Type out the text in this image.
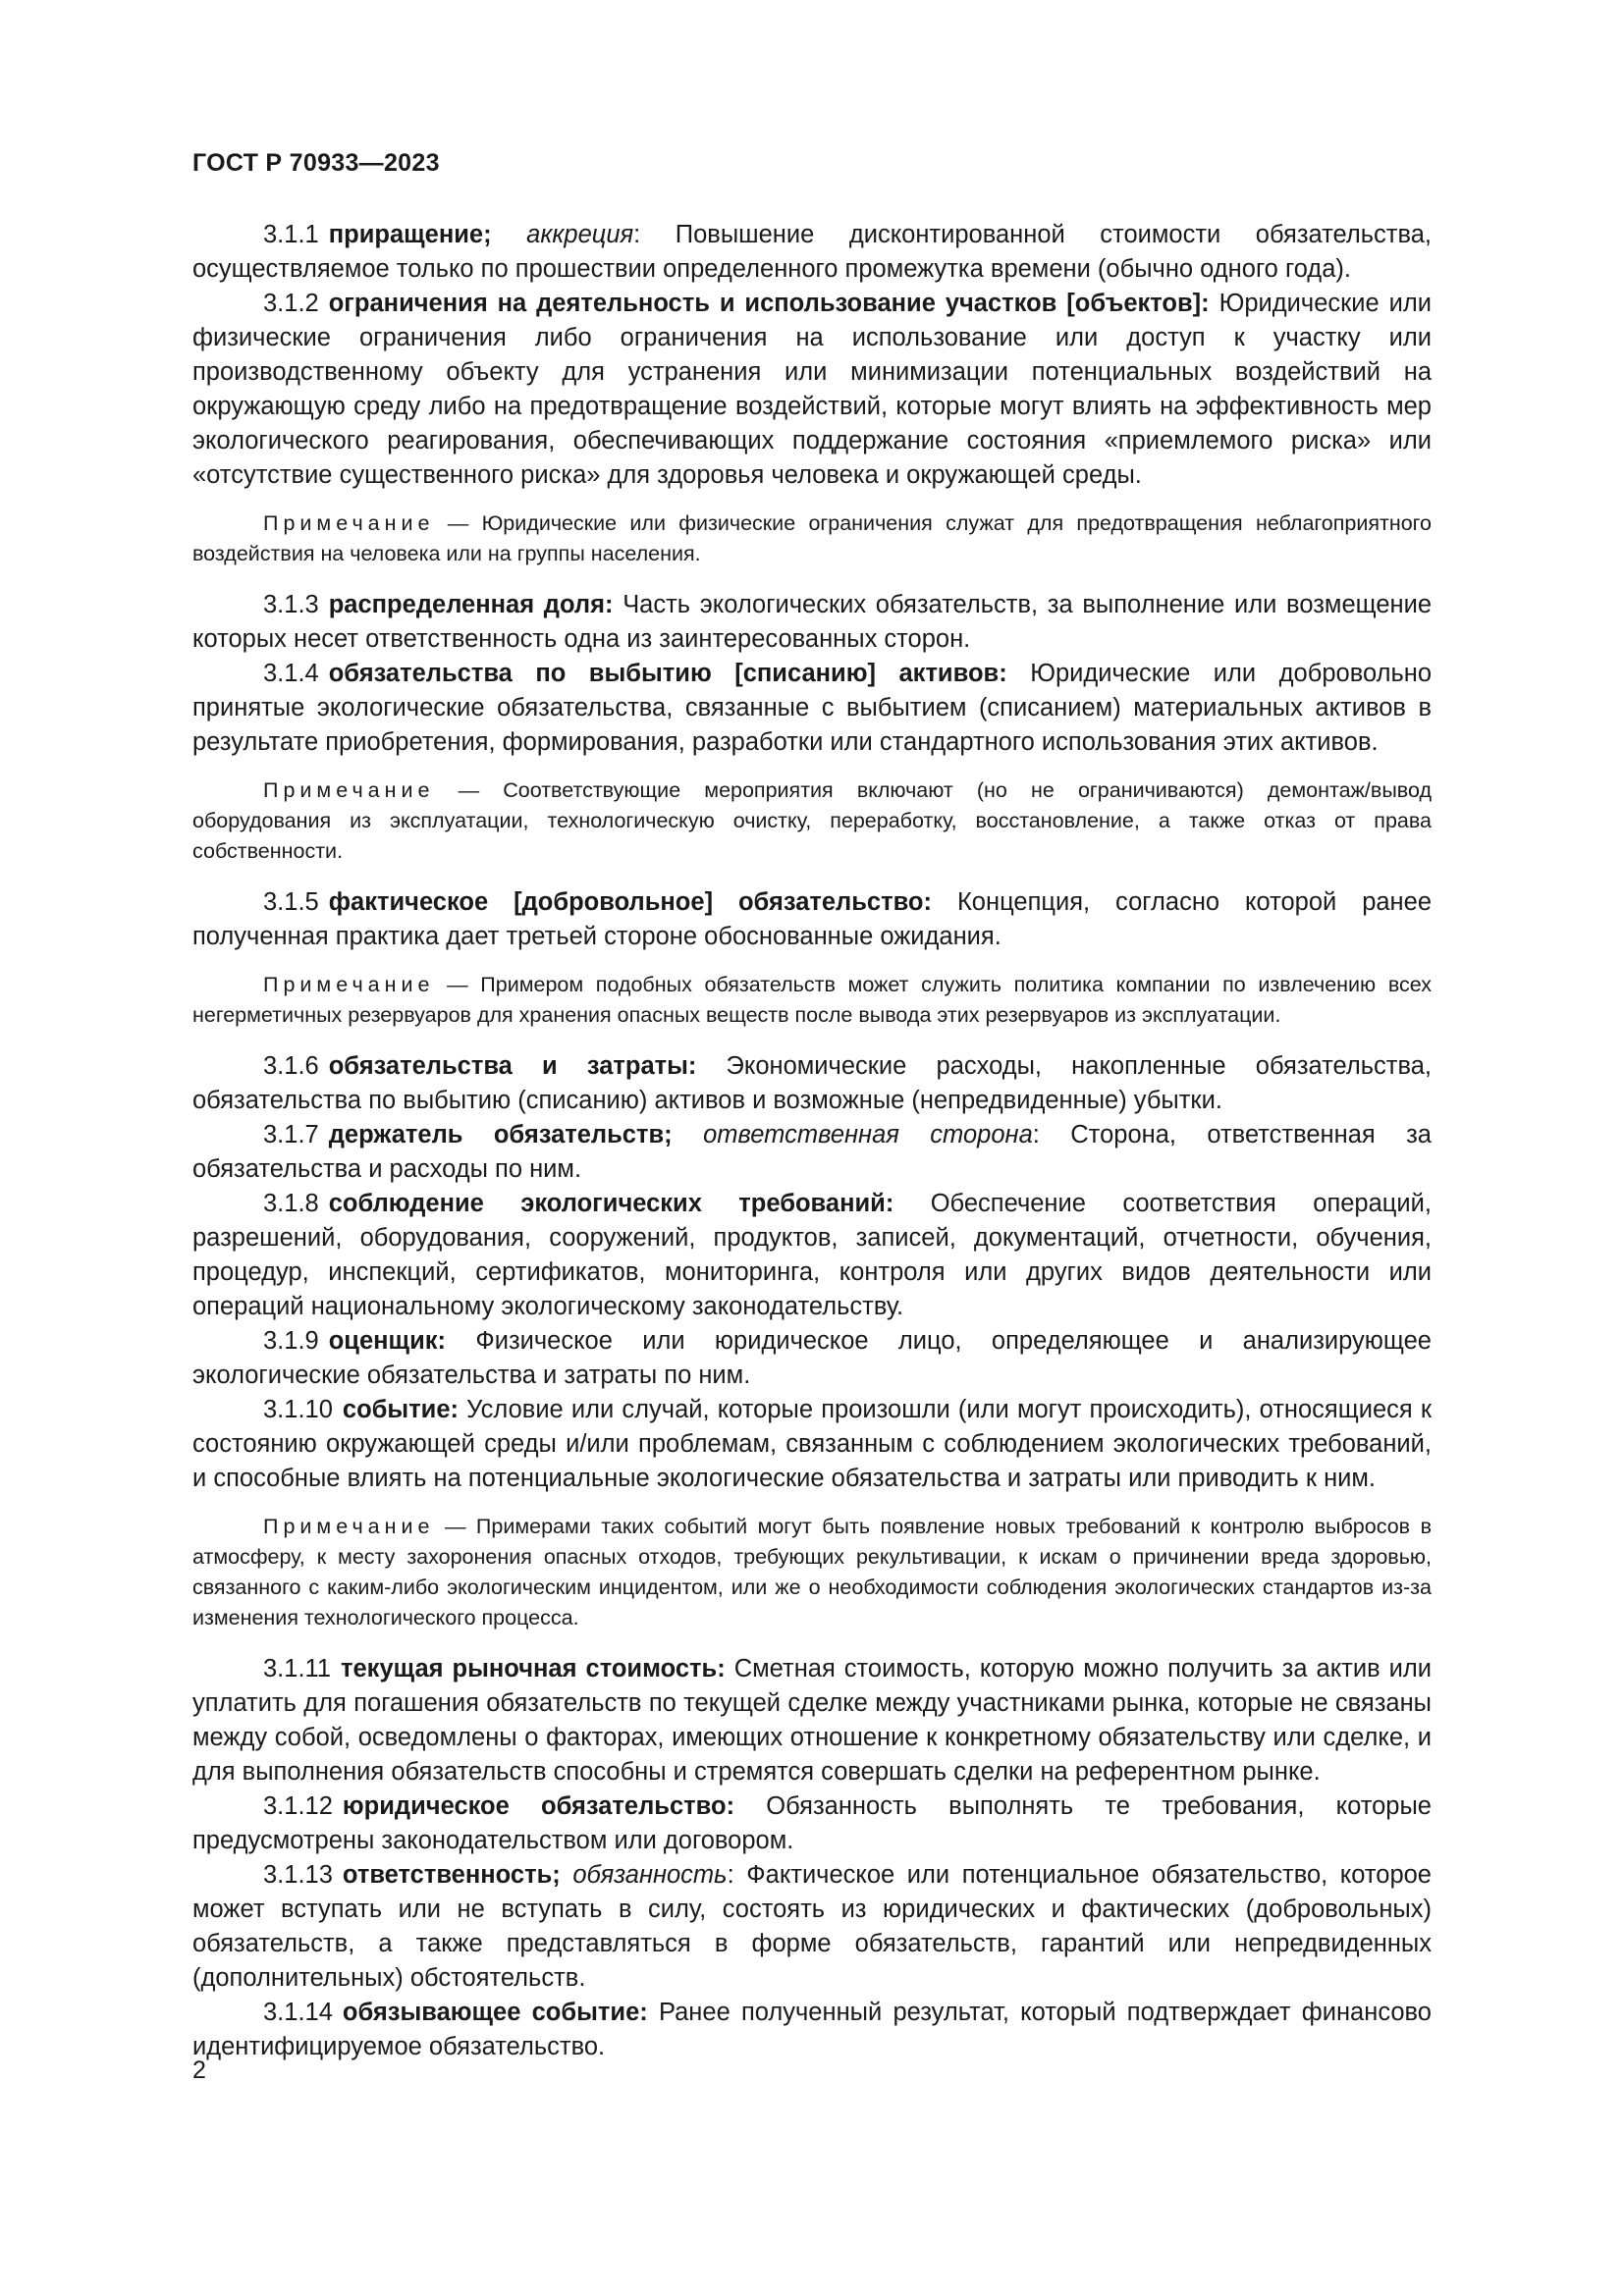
ГОСТ Р 70933—2023

3.1.1 приращение; аккреция: Повышение дисконтированной стоимости обязательства, осуществляемое только по прошествии определенного промежутка времени (обычно одного года).

3.1.2 ограничения на деятельность и использование участков [объектов]: Юридические или физические ограничения либо ограничения на использование или доступ к участку или производственному объекту для устранения или минимизации потенциальных воздействий на окружающую среду либо на предотвращение воздействий, которые могут влиять на эффективность мер экологического реагирования, обеспечивающих поддержание состояния «приемлемого риска» или «отсутствие существенного риска» для здоровья человека и окружающей среды.

Примечание — Юридические или физические ограничения служат для предотвращения неблагоприятного воздействия на человека или на группы населения.

3.1.3 распределенная доля: Часть экологических обязательств, за выполнение или возмещение которых несет ответственность одна из заинтересованных сторон.

3.1.4 обязательства по выбытию [списанию] активов: Юридические или добровольно принятые экологические обязательства, связанные с выбытием (списанием) материальных активов в результате приобретения, формирования, разработки или стандартного использования этих активов.

Примечание — Соответствующие мероприятия включают (но не ограничиваются) демонтаж/вывод оборудования из эксплуатации, технологическую очистку, переработку, восстановление, а также отказ от права собственности.

3.1.5 фактическое [добровольное] обязательство: Концепция, согласно которой ранее полученная практика дает третьей стороне обоснованные ожидания.

Примечание — Примером подобных обязательств может служить политика компании по извлечению всех негерметичных резервуаров для хранения опасных веществ после вывода этих резервуаров из эксплуатации.

3.1.6 обязательства и затраты: Экономические расходы, накопленные обязательства, обязательства по выбытию (списанию) активов и возможные (непредвиденные) убытки.

3.1.7 держатель обязательств; ответственная сторона: Сторона, ответственная за обязательства и расходы по ним.

3.1.8 соблюдение экологических требований: Обеспечение соответствия операций, разрешений, оборудования, сооружений, продуктов, записей, документаций, отчетности, обучения, процедур, инспекций, сертификатов, мониторинга, контроля или других видов деятельности или операций национальному экологическому законодательству.

3.1.9 оценщик: Физическое или юридическое лицо, определяющее и анализирующее экологические обязательства и затраты по ним.

3.1.10 событие: Условие или случай, которые произошли (или могут происходить), относящиеся к состоянию окружающей среды и/или проблемам, связанным с соблюдением экологических требований, и способные влиять на потенциальные экологические обязательства и затраты или приводить к ним.

Примечание — Примерами таких событий могут быть появление новых требований к контролю выбросов в атмосферу, к месту захоронения опасных отходов, требующих рекультивации, к искам о причинении вреда здоровью, связанного с каким-либо экологическим инцидентом, или же о необходимости соблюдения экологических стандартов из-за изменения технологического процесса.

3.1.11 текущая рыночная стоимость: Сметная стоимость, которую можно получить за актив или уплатить для погашения обязательств по текущей сделке между участниками рынка, которые не связаны между собой, осведомлены о факторах, имеющих отношение к конкретному обязательству или сделке, и для выполнения обязательств способны и стремятся совершать сделки на референтном рынке.

3.1.12 юридическое обязательство: Обязанность выполнять те требования, которые предусмотрены законодательством или договором.

3.1.13 ответственность; обязанность: Фактическое или потенциальное обязательство, которое может вступать или не вступать в силу, состоять из юридических и фактических (добровольных) обязательств, а также представляться в форме обязательств, гарантий или непредвиденных (дополнительных) обстоятельств.

3.1.14 обязывающее событие: Ранее полученный результат, который подтверждает финансово идентифицируемое обязательство.

2
